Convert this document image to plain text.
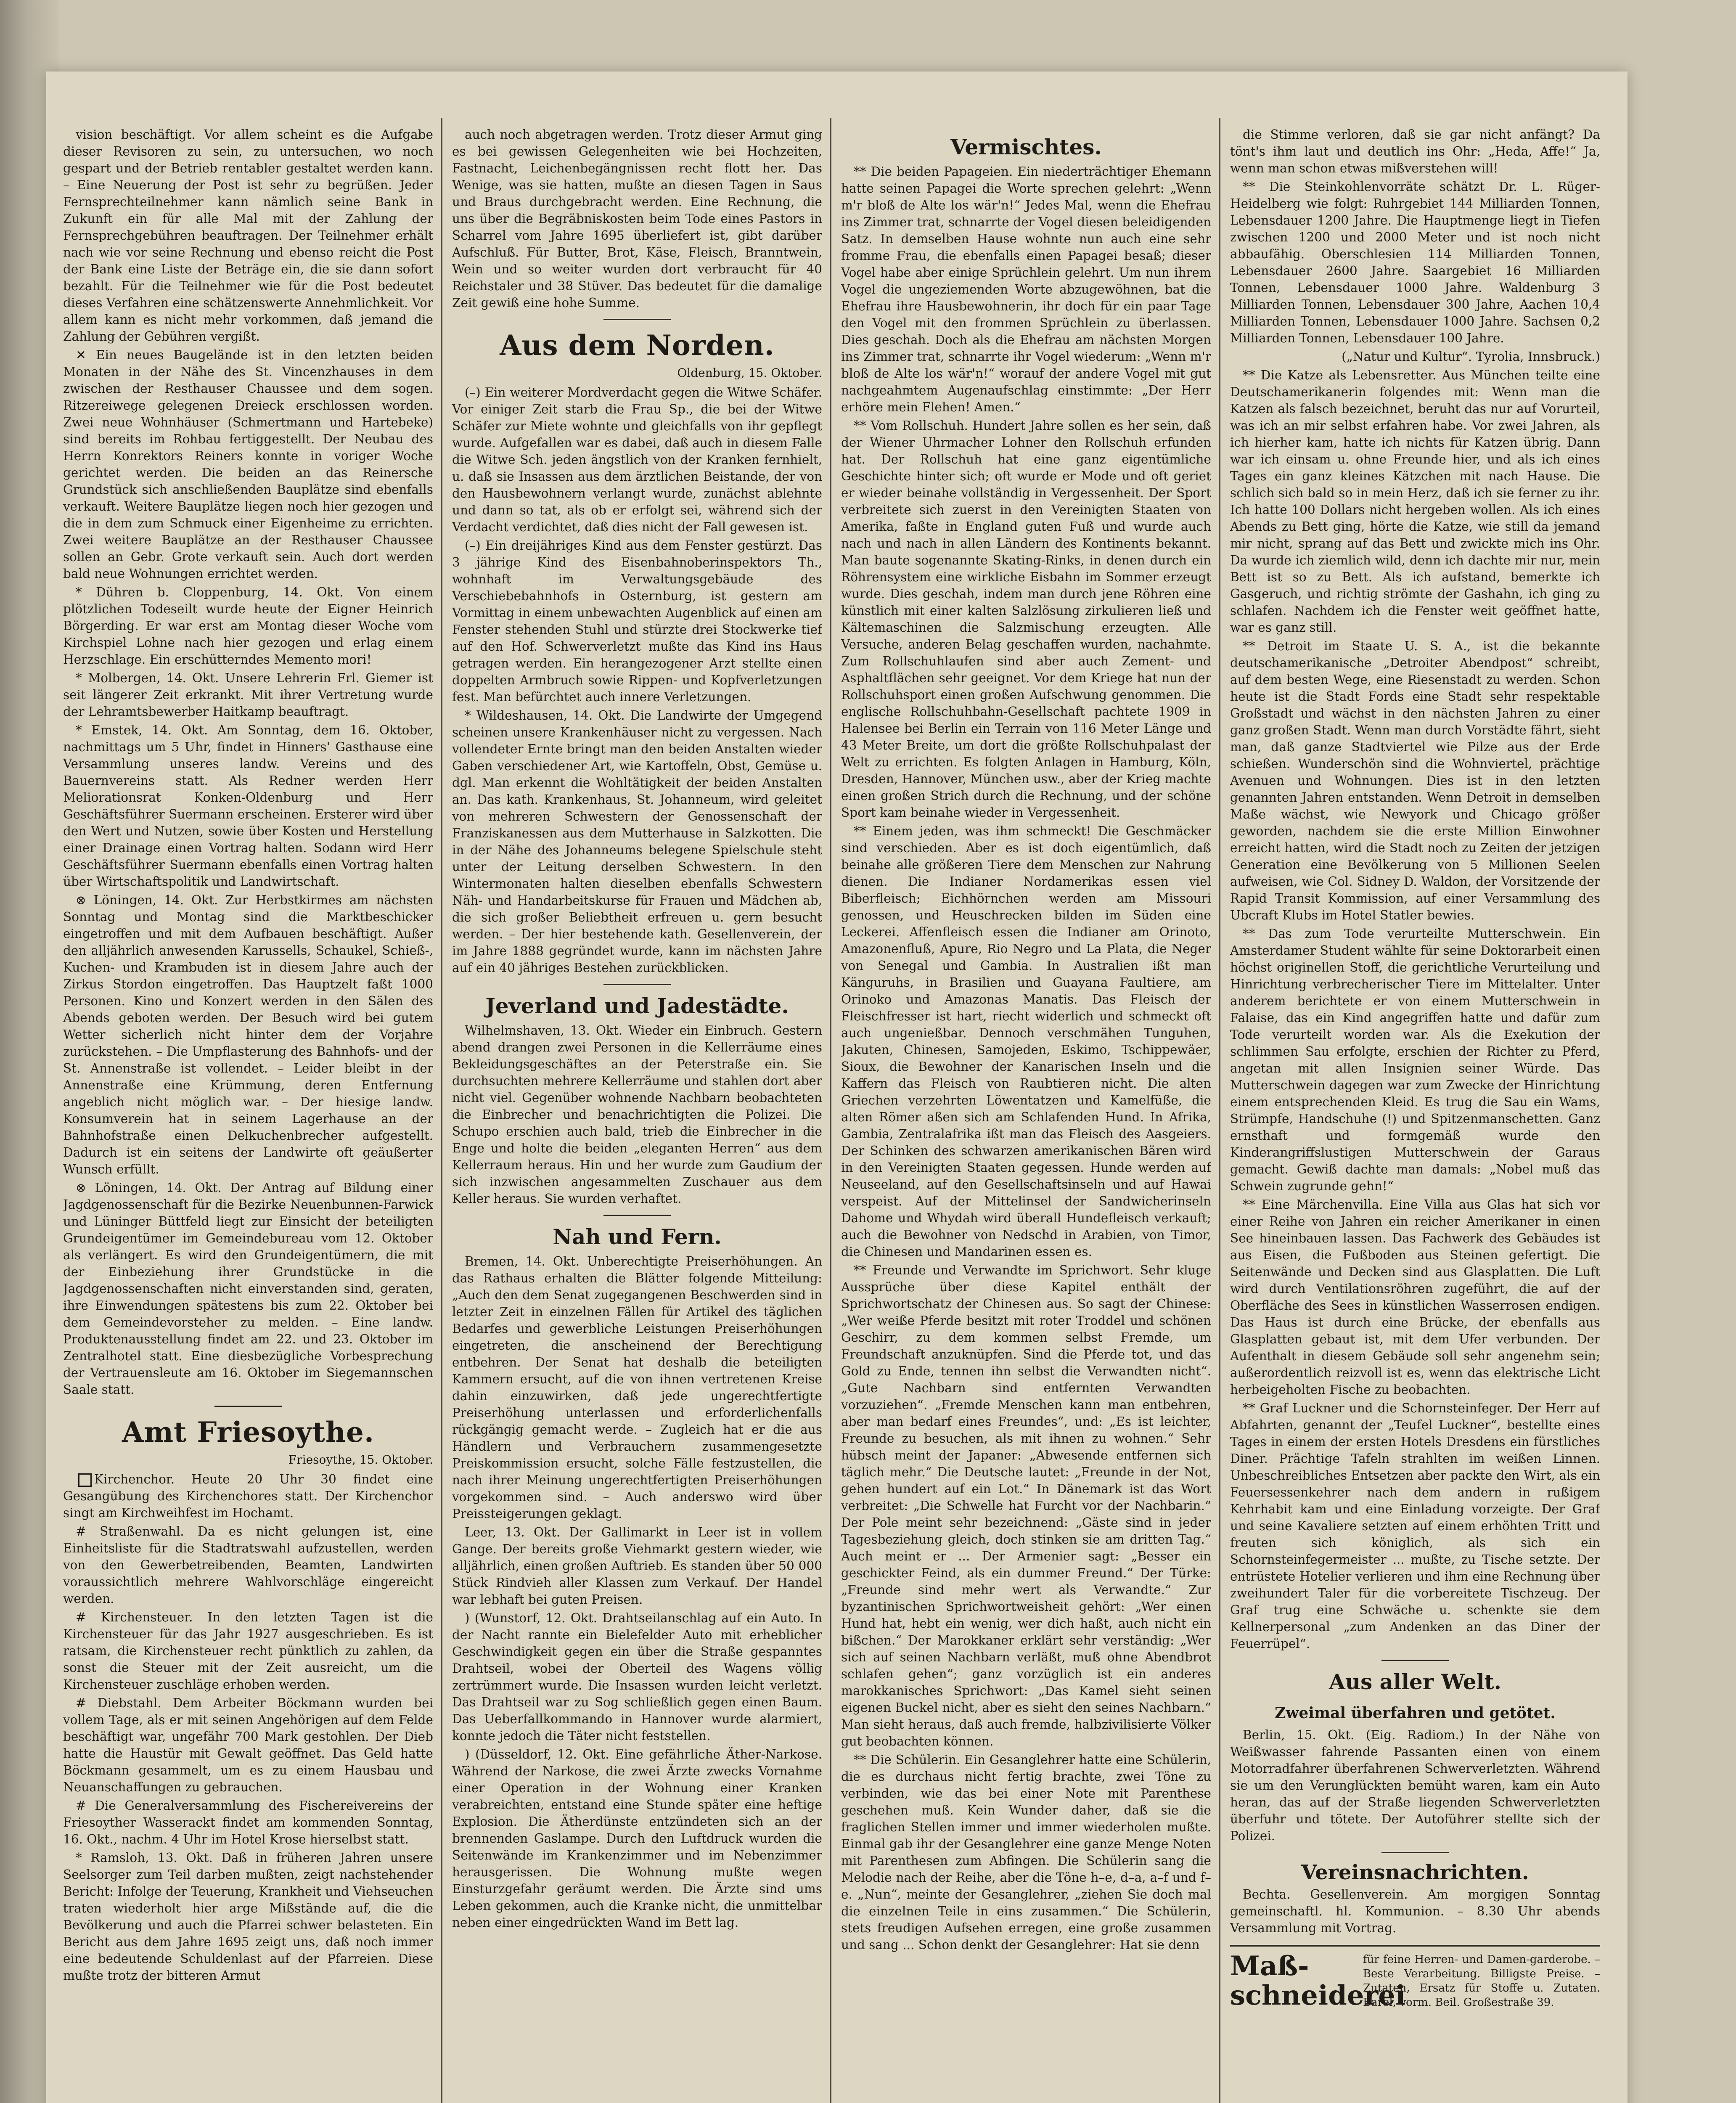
vision beschäftigt. Vor allem scheint es die Aufgabe dieser Revisoren zu sein, zu untersuchen, wo noch gespart und der Betrieb rentabler gestaltet werden kann. – Eine Neuerung der Post ist sehr zu begrüßen. Jeder Fernsprechteilnehmer kann nämlich seine Bank in Zukunft ein für alle Mal mit der Zahlung der Fernsprechgebühren beauftragen. Der Teilnehmer erhält nach wie vor seine Rechnung und ebenso reicht die Post der Bank eine Liste der Beträge ein, die sie dann sofort bezahlt. Für die Teilnehmer wie für die Post bedeutet dieses Verfahren eine schätzenswerte Annehmlichkeit. Vor allem kann es nicht mehr vorkommen, daß jemand die Zahlung der Gebühren vergißt.

✕ Ein neues Baugelände ist in den letzten beiden Monaten in der Nähe des St. Vincenzhauses in dem zwischen der Resthauser Chaussee und dem sogen. Ritzereiwege gelegenen Dreieck erschlossen worden. Zwei neue Wohnhäuser (Schmertmann und Hartebeke) sind bereits im Rohbau fertiggestellt. Der Neubau des Herrn Konrektors Reiners konnte in voriger Woche gerichtet werden. Die beiden an das Reinersche Grundstück sich anschließenden Bauplätze sind ebenfalls verkauft. Weitere Bauplätze liegen noch hier gezogen und die in dem zum Schmuck einer Eigenheime zu errichten. Zwei weitere Bauplätze an der Resthauser Chaussee sollen an Gebr. Grote verkauft sein. Auch dort werden bald neue Wohnungen errichtet werden.

* Dühren b. Cloppenburg, 14. Okt. Von einem plötzlichen Todeseilt wurde heute der Eigner Heinrich Börgerding. Er war erst am Montag dieser Woche vom Kirchspiel Lohne nach hier gezogen und erlag einem Herzschlage. Ein erschütterndes Memento mori!

* Molbergen, 14. Okt. Unsere Lehrerin Frl. Giemer ist seit längerer Zeit erkrankt. Mit ihrer Vertretung wurde der Lehramtsbewerber Haitkamp beauftragt.

* Emstek, 14. Okt. Am Sonntag, dem 16. Oktober, nachmittags um 5 Uhr, findet in Hinners' Gasthause eine Versammlung unseres landw. Vereins und des Bauernvereins statt. Als Redner werden Herr Meliorationsrat Konken-Oldenburg und Herr Geschäftsführer Suermann erscheinen. Ersterer wird über den Wert und Nutzen, sowie über Kosten und Herstellung einer Drainage einen Vortrag halten. Sodann wird Herr Geschäftsführer Suermann ebenfalls einen Vortrag halten über Wirtschaftspolitik und Landwirtschaft.

⊗ Löningen, 14. Okt. Zur Herbstkirmes am nächsten Sonntag und Montag sind die Marktbeschicker eingetroffen und mit dem Aufbauen beschäftigt. Außer den alljährlich anwesenden Karussells, Schaukel, Schieß-, Kuchen- und Krambuden ist in diesem Jahre auch der Zirkus Stordon eingetroffen. Das Hauptzelt faßt 1000 Personen. Kino und Konzert werden in den Sälen des Abends geboten werden. Der Besuch wird bei gutem Wetter sicherlich nicht hinter dem der Vorjahre zurückstehen. – Die Umpflasterung des Bahnhofs- und der St. Annenstraße ist vollendet. – Leider bleibt in der Annenstraße eine Krümmung, deren Entfernung angeblich nicht möglich war. – Der hiesige landw. Konsumverein hat in seinem Lagerhause an der Bahnhofstraße einen Delkuchenbrecher aufgestellt. Dadurch ist ein seitens der Landwirte oft geäußerter Wunsch erfüllt.

⊗ Löningen, 14. Okt. Der Antrag auf Bildung einer Jagdgenossenschaft für die Bezirke Neuenbunnen-Farwick und Lüninger Büttfeld liegt zur Einsicht der beteiligten Grundeigentümer im Gemeindebureau vom 12. Oktober als verlängert. Es wird den Grundeigentümern, die mit der Einbeziehung ihrer Grundstücke in die Jagdgenossenschaften nicht einverstanden sind, geraten, ihre Einwendungen spätestens bis zum 22. Oktober bei dem Gemeindevorsteher zu melden. – Eine landw. Produktenausstellung findet am 22. und 23. Oktober im Zentralhotel statt. Eine diesbezügliche Vorbesprechung der Vertrauensleute am 16. Oktober im Siegemannschen Saale statt.

Amt Friesoythe.
Friesoythe, 15. Oktober.

Kirchenchor. Heute 20 Uhr 30 findet eine Gesangübung des Kirchenchores statt. Der Kirchenchor singt am Kirchweihfest im Hochamt.

# Straßenwahl. Da es nicht gelungen ist, eine Einheitsliste für die Stadtratswahl aufzustellen, werden von den Gewerbetreibenden, Beamten, Landwirten voraussichtlich mehrere Wahlvorschläge eingereicht werden.

# Kirchensteuer. In den letzten Tagen ist die Kirchensteuer für das Jahr 1927 ausgeschrieben. Es ist ratsam, die Kirchensteuer recht pünktlich zu zahlen, da sonst die Steuer mit der Zeit ausreicht, um die Kirchensteuer zuschläge erhoben werden.

# Diebstahl. Dem Arbeiter Böckmann wurden bei vollem Tage, als er mit seinen Angehörigen auf dem Felde beschäftigt war, ungefähr 700 Mark gestohlen. Der Dieb hatte die Haustür mit Gewalt geöffnet. Das Geld hatte Böckmann gesammelt, um es zu einem Hausbau und Neuanschaffungen zu gebrauchen.

# Die Generalversammlung des Fischereivereins der Friesoyther Wasserackt findet am kommenden Sonntag, 16. Okt., nachm. 4 Uhr im Hotel Krose hierselbst statt.

* Ramsloh, 13. Okt. Daß in früheren Jahren unsere Seelsorger zum Teil darben mußten, zeigt nachstehender Bericht: Infolge der Teuerung, Krankheit und Viehseuchen traten wiederholt hier arge Mißstände auf, die die Bevölkerung und auch die Pfarrei schwer belasteten. Ein Bericht aus dem Jahre 1695 zeigt uns, daß noch immer eine bedeutende Schuldenlast auf der Pfarreien. Diese mußte trotz der bitteren Armut

auch noch abgetragen werden. Trotz dieser Armut ging es bei gewissen Gelegenheiten wie bei Hochzeiten, Fastnacht, Leichenbegängnissen recht flott her. Das Wenige, was sie hatten, mußte an diesen Tagen in Saus und Braus durchgebracht werden. Eine Rechnung, die uns über die Begräbniskosten beim Tode eines Pastors in Scharrel vom Jahre 1695 überliefert ist, gibt darüber Aufschluß. Für Butter, Brot, Käse, Fleisch, Branntwein, Wein und so weiter wurden dort verbraucht für 40 Reichstaler und 38 Stüver. Das bedeutet für die damalige Zeit gewiß eine hohe Summe.

Aus dem Norden.
Oldenburg, 15. Oktober.

(–) Ein weiterer Mordverdacht gegen die Witwe Schäfer. Vor einiger Zeit starb die Frau Sp., die bei der Witwe Schäfer zur Miete wohnte und gleichfalls von ihr gepflegt wurde. Aufgefallen war es dabei, daß auch in diesem Falle die Witwe Sch. jeden ängstlich von der Kranken fernhielt, u. daß sie Insassen aus dem ärztlichen Beistande, der von den Hausbewohnern verlangt wurde, zunächst ablehnte und dann so tat, als ob er erfolgt sei, während sich der Verdacht verdichtet, daß dies nicht der Fall gewesen ist.

(–) Ein dreijähriges Kind aus dem Fenster gestürzt. Das 3 jährige Kind des Eisenbahnoberinspektors Th., wohnhaft im Verwaltungsgebäude des Verschiebebahnhofs in Osternburg, ist gestern am Vormittag in einem unbewachten Augenblick auf einen am Fenster stehenden Stuhl und stürzte drei Stockwerke tief auf den Hof. Schwerverletzt mußte das Kind ins Haus getragen werden. Ein herangezogener Arzt stellte einen doppelten Armbruch sowie Rippen- und Kopfverletzungen fest. Man befürchtet auch innere Verletzungen.

* Wildeshausen, 14. Okt. Die Landwirte der Umgegend scheinen unsere Krankenhäuser nicht zu vergessen. Nach vollendeter Ernte bringt man den beiden Anstalten wieder Gaben verschiedener Art, wie Kartoffeln, Obst, Gemüse u. dgl. Man erkennt die Wohltätigkeit der beiden Anstalten an. Das kath. Krankenhaus, St. Johanneum, wird geleitet von mehreren Schwestern der Genossenschaft der Franziskanessen aus dem Mutterhause in Salzkotten. Die in der Nähe des Johanneums belegene Spielschule steht unter der Leitung derselben Schwestern. In den Wintermonaten halten dieselben ebenfalls Schwestern Näh- und Handarbeitskurse für Frauen und Mädchen ab, die sich großer Beliebtheit erfreuen u. gern besucht werden. – Der hier bestehende kath. Gesellenverein, der im Jahre 1888 gegründet wurde, kann im nächsten Jahre auf ein 40 jähriges Bestehen zurückblicken.

Jeverland und Jadestädte.

Wilhelmshaven, 13. Okt. Wieder ein Einbruch. Gestern abend drangen zwei Personen in die Kellerräume eines Bekleidungsgeschäftes an der Peterstraße ein. Sie durchsuchten mehrere Kellerräume und stahlen dort aber nicht viel. Gegenüber wohnende Nachbarn beobachteten die Einbrecher und benachrichtigten die Polizei. Die Schupo erschien auch bald, trieb die Einbrecher in die Enge und holte die beiden „eleganten Herren“ aus dem Kellerraum heraus. Hin und her wurde zum Gaudium der sich inzwischen angesammelten Zuschauer aus dem Keller heraus. Sie wurden verhaftet.

Nah und Fern.

Bremen, 14. Okt. Unberechtigte Preiserhöhungen. An das Rathaus erhalten die Blätter folgende Mitteilung: „Auch den dem Senat zugegangenen Beschwerden sind in letzter Zeit in einzelnen Fällen für Artikel des täglichen Bedarfes und gewerbliche Leistungen Preiserhöhungen eingetreten, die anscheinend der Berechtigung entbehren. Der Senat hat deshalb die beteiligten Kammern ersucht, auf die von ihnen vertretenen Kreise dahin einzuwirken, daß jede ungerechtfertigte Preiserhöhung unterlassen und erforderlichenfalls rückgängig gemacht werde. – Zugleich hat er die aus Händlern und Verbrauchern zusammengesetzte Preiskommission ersucht, solche Fälle festzustellen, die nach ihrer Meinung ungerechtfertigten Preiserhöhungen vorgekommen sind. – Auch anderswo wird über Preissteigerungen geklagt.

Leer, 13. Okt. Der Gallimarkt in Leer ist in vollem Gange. Der bereits große Viehmarkt gestern wieder, wie alljährlich, einen großen Auftrieb. Es standen über 50 000 Stück Rindvieh aller Klassen zum Verkauf. Der Handel war lebhaft bei guten Preisen.

) (Wunstorf, 12. Okt. Drahtseilanschlag auf ein Auto. In der Nacht rannte ein Bielefelder Auto mit erheblicher Geschwindigkeit gegen ein über die Straße gespanntes Drahtseil, wobei der Oberteil des Wagens völlig zertrümmert wurde. Die Insassen wurden leicht verletzt. Das Drahtseil war zu Sog schließlich gegen einen Baum. Das Ueberfallkommando in Hannover wurde alarmiert, konnte jedoch die Täter nicht feststellen.

) (Düsseldorf, 12. Okt. Eine gefährliche Äther-Narkose. Während der Narkose, die zwei Ärzte zwecks Vornahme einer Operation in der Wohnung einer Kranken verabreichten, entstand eine Stunde später eine heftige Explosion. Die Ätherdünste entzündeten sich an der brennenden Gaslampe. Durch den Luftdruck wurden die Seitenwände im Krankenzimmer und im Nebenzimmer herausgerissen. Die Wohnung mußte wegen Einsturzgefahr geräumt werden. Die Ärzte sind ums Leben gekommen, auch die Kranke nicht, die unmittelbar neben einer eingedrückten Wand im Bett lag.

Vermischtes.

** Die beiden Papageien. Ein niederträchtiger Ehemann hatte seinen Papagei die Worte sprechen gelehrt: „Wenn m'r bloß de Alte los wär'n!“ Jedes Mal, wenn die Ehefrau ins Zimmer trat, schnarrte der Vogel diesen beleidigenden Satz. In demselben Hause wohnte nun auch eine sehr fromme Frau, die ebenfalls einen Papagei besaß; dieser Vogel habe aber einige Sprüchlein gelehrt. Um nun ihrem Vogel die ungeziemenden Worte abzugewöhnen, bat die Ehefrau ihre Hausbewohnerin, ihr doch für ein paar Tage den Vogel mit den frommen Sprüchlein zu überlassen. Dies geschah. Doch als die Ehefrau am nächsten Morgen ins Zimmer trat, schnarrte ihr Vogel wiederum: „Wenn m'r bloß de Alte los wär'n!“ worauf der andere Vogel mit gut nachgeahmtem Augenaufschlag einstimmte: „Der Herr erhöre mein Flehen! Amen.“

** Vom Rollschuh. Hundert Jahre sollen es her sein, daß der Wiener Uhrmacher Lohner den Rollschuh erfunden hat. Der Rollschuh hat eine ganz eigentümliche Geschichte hinter sich; oft wurde er Mode und oft geriet er wieder beinahe vollständig in Vergessenheit. Der Sport verbreitete sich zuerst in den Vereinigten Staaten von Amerika, faßte in England guten Fuß und wurde auch nach und nach in allen Ländern des Kontinents bekannt. Man baute sogenannte Skating-Rinks, in denen durch ein Röhrensystem eine wirkliche Eisbahn im Sommer erzeugt wurde. Dies geschah, indem man durch jene Röhren eine künstlich mit einer kalten Salzlösung zirkulieren ließ und Kältemaschinen die Salzmischung erzeugten. Alle Versuche, anderen Belag geschaffen wurden, nachahmte. Zum Rollschuhlaufen sind aber auch Zement- und Asphaltflächen sehr geeignet. Vor dem Kriege hat nun der Rollschuhsport einen großen Aufschwung genommen. Die englische Rollschuhbahn-Gesellschaft pachtete 1909 in Halensee bei Berlin ein Terrain von 116 Meter Länge und 43 Meter Breite, um dort die größte Rollschuhpalast der Welt zu errichten. Es folgten Anlagen in Hamburg, Köln, Dresden, Hannover, München usw., aber der Krieg machte einen großen Strich durch die Rechnung, und der schöne Sport kam beinahe wieder in Vergessenheit.

** Einem jeden, was ihm schmeckt! Die Geschmäcker sind verschieden. Aber es ist doch eigentümlich, daß beinahe alle größeren Tiere dem Menschen zur Nahrung dienen. Die Indianer Nordamerikas essen viel Biberfleisch; Eichhörnchen werden am Missouri genossen, und Heuschrecken bilden im Süden eine Leckerei. Affenfleisch essen die Indianer am Orinoto, Amazonenfluß, Apure, Rio Negro und La Plata, die Neger von Senegal und Gambia. In Australien ißt man Känguruhs, in Brasilien und Guayana Faultiere, am Orinoko und Amazonas Manatis. Das Fleisch der Fleischfresser ist hart, riecht widerlich und schmeckt oft auch ungenießbar. Dennoch verschmähen Tunguhen, Jakuten, Chinesen, Samojeden, Eskimo, Tschippewäer, Sioux, die Bewohner der Kanarischen Inseln und die Kaffern das Fleisch von Raubtieren nicht. Die alten Griechen verzehrten Löwentatzen und Kamelfüße, die alten Römer aßen sich am Schlafenden Hund. In Afrika, Gambia, Zentralafrika ißt man das Fleisch des Aasgeiers. Der Schinken des schwarzen amerikanischen Bären wird in den Vereinigten Staaten gegessen. Hunde werden auf Neuseeland, auf den Gesellschaftsinseln und auf Hawai verspeist. Auf der Mittelinsel der Sandwicherinseln Dahome und Whydah wird überall Hundefleisch verkauft; auch die Bewohner von Nedschd in Arabien, von Timor, die Chinesen und Mandarinen essen es.

** Freunde und Verwandte im Sprichwort. Sehr kluge Aussprüche über diese Kapitel enthält der Sprichwortschatz der Chinesen aus. So sagt der Chinese: „Wer weiße Pferde besitzt mit roter Troddel und schönen Geschirr, zu dem kommen selbst Fremde, um Freundschaft anzuknüpfen. Sind die Pferde tot, und das Gold zu Ende, tennen ihn selbst die Verwandten nicht“. „Gute Nachbarn sind entfernten Verwandten vorzuziehen“. „Fremde Menschen kann man entbehren, aber man bedarf eines Freundes“, und: „Es ist leichter, Freunde zu besuchen, als mit ihnen zu wohnen.“ Sehr hübsch meint der Japaner: „Abwesende entfernen sich täglich mehr.“ Die Deutsche lautet: „Freunde in der Not, gehen hundert auf ein Lot.“ In Dänemark ist das Wort verbreitet: „Die Schwelle hat Furcht vor der Nachbarin.“ Der Pole meint sehr bezeichnend: „Gäste sind in jeder Tagesbeziehung gleich, doch stinken sie am dritten Tag.“ Auch meint er ... Der Armenier sagt: „Besser ein geschickter Feind, als ein dummer Freund.“ Der Türke: „Freunde sind mehr wert als Verwandte.“ Zur byzantinischen Sprichwortweisheit gehört: „Wer einen Hund hat, hebt ein wenig, wer dich haßt, auch nicht ein bißchen.“ Der Marokkaner erklärt sehr verständig: „Wer sich auf seinen Nachbarn verläßt, muß ohne Abendbrot schlafen gehen“; ganz vorzüglich ist ein anderes marokkanisches Sprichwort: „Das Kamel sieht seinen eigenen Buckel nicht, aber es sieht den seines Nachbarn.“ Man sieht heraus, daß auch fremde, halbzivilisierte Völker gut beobachten können.

** Die Schülerin. Ein Gesanglehrer hatte eine Schülerin, die es durchaus nicht fertig brachte, zwei Töne zu verbinden, wie das bei einer Note mit Parenthese geschehen muß. Kein Wunder daher, daß sie die fraglichen Stellen immer und immer wiederholen mußte. Einmal gab ihr der Gesanglehrer eine ganze Menge Noten mit Parenthesen zum Abfingen. Die Schülerin sang die Melodie nach der Reihe, aber die Töne h–e, d–a, a–f und f–e. „Nun“, meinte der Gesanglehrer, „ziehen Sie doch mal die einzelnen Teile in eins zusammen.“ Die Schülerin, stets freudigen Aufsehen erregen, eine große zusammen und sang ... Schon denkt der Gesanglehrer: Hat sie denn

die Stimme verloren, daß sie gar nicht anfängt? Da tönt's ihm laut und deutlich ins Ohr: „Heda, Affe!“ Ja, wenn man schon etwas mißverstehen will!

** Die Steinkohlenvorräte schätzt Dr. L. Rüger-Heidelberg wie folgt: Ruhrgebiet 144 Milliarden Tonnen, Lebensdauer 1200 Jahre. Die Hauptmenge liegt in Tiefen zwischen 1200 und 2000 Meter und ist noch nicht abbaufähig. Oberschlesien 114 Milliarden Tonnen, Lebensdauer 2600 Jahre. Saargebiet 16 Milliarden Tonnen, Lebensdauer 1000 Jahre. Waldenburg 3 Milliarden Tonnen, Lebensdauer 300 Jahre, Aachen 10,4 Milliarden Tonnen, Lebensdauer 1000 Jahre. Sachsen 0,2 Milliarden Tonnen, Lebensdauer 100 Jahre.

(„Natur und Kultur“. Tyrolia, Innsbruck.)

** Die Katze als Lebensretter. Aus München teilte eine Deutschamerikanerin folgendes mit: Wenn man die Katzen als falsch bezeichnet, beruht das nur auf Vorurteil, was ich an mir selbst erfahren habe. Vor zwei Jahren, als ich hierher kam, hatte ich nichts für Katzen übrig. Dann war ich einsam u. ohne Freunde hier, und als ich eines Tages ein ganz kleines Kätzchen mit nach Hause. Die schlich sich bald so in mein Herz, daß ich sie ferner zu ihr. Ich hatte 100 Dollars nicht hergeben wollen. Als ich eines Abends zu Bett ging, hörte die Katze, wie still da jemand mir nicht, sprang auf das Bett und zwickte mich ins Ohr. Da wurde ich ziemlich wild, denn ich dachte mir nur, mein Bett ist so zu Bett. Als ich aufstand, bemerkte ich Gasgeruch, und richtig strömte der Gashahn, ich ging zu schlafen. Nachdem ich die Fenster weit geöffnet hatte, war es ganz still.

** Detroit im Staate U. S. A., ist die bekannte deutschamerikanische „Detroiter Abendpost“ schreibt, auf dem besten Wege, eine Riesenstadt zu werden. Schon heute ist die Stadt Fords eine Stadt sehr respektable Großstadt und wächst in den nächsten Jahren zu einer ganz großen Stadt. Wenn man durch Vorstädte fährt, sieht man, daß ganze Stadtviertel wie Pilze aus der Erde schießen. Wunderschön sind die Wohnviertel, prächtige Avenuen und Wohnungen. Dies ist in den letzten genannten Jahren entstanden. Wenn Detroit in demselben Maße wächst, wie Newyork und Chicago größer geworden, nachdem sie die erste Million Einwohner erreicht hatten, wird die Stadt noch zu Zeiten der jetzigen Generation eine Bevölkerung von 5 Millionen Seelen aufweisen, wie Col. Sidney D. Waldon, der Vorsitzende der Rapid Transit Kommission, auf einer Versammlung des Ubcraft Klubs im Hotel Statler bewies.

** Das zum Tode verurteilte Mutterschwein. Ein Amsterdamer Student wählte für seine Doktorarbeit einen höchst originellen Stoff, die gerichtliche Verurteilung und Hinrichtung verbrecherischer Tiere im Mittelalter. Unter anderem berichtete er von einem Mutterschwein in Falaise, das ein Kind angegriffen hatte und dafür zum Tode verurteilt worden war. Als die Exekution der schlimmen Sau erfolgte, erschien der Richter zu Pferd, angetan mit allen Insignien seiner Würde. Das Mutterschwein dagegen war zum Zwecke der Hinrichtung einem entsprechenden Kleid. Es trug die Sau ein Wams, Strümpfe, Handschuhe (!) und Spitzenmanschetten. Ganz ernsthaft und formgemäß wurde den Kinderangriffslustigen Mutterschwein der Garaus gemacht. Gewiß dachte man damals: „Nobel muß das Schwein zugrunde gehn!“

** Eine Märchenvilla. Eine Villa aus Glas hat sich vor einer Reihe von Jahren ein reicher Amerikaner in einen See hineinbauen lassen. Das Fachwerk des Gebäudes ist aus Eisen, die Fußboden aus Steinen gefertigt. Die Seitenwände und Decken sind aus Glasplatten. Die Luft wird durch Ventilationsröhren zugeführt, die auf der Oberfläche des Sees in künstlichen Wasserrosen endigen. Das Haus ist durch eine Brücke, der ebenfalls aus Glasplatten gebaut ist, mit dem Ufer verbunden. Der Aufenthalt in diesem Gebäude soll sehr angenehm sein; außerordentlich reizvoll ist es, wenn das elektrische Licht herbeigeholten Fische zu beobachten.

** Graf Luckner und die Schornsteinfeger. Der Herr auf Abfahrten, genannt der „Teufel Luckner“, bestellte eines Tages in einem der ersten Hotels Dresdens ein fürstliches Diner. Prächtige Tafeln strahlten im weißen Linnen. Unbeschreibliches Entsetzen aber packte den Wirt, als ein Feuersessenkehrer nach dem andern in rußigem Kehrhabit kam und eine Einladung vorzeigte. Der Graf und seine Kavaliere setzten auf einem erhöhten Tritt und freuten sich königlich, als sich ein Schornsteinfegermeister ... mußte, zu Tische setzte. Der entrüstete Hotelier verlieren und ihm eine Rechnung über zweihundert Taler für die vorbereitete Tischzeug. Der Graf trug eine Schwäche u. schenkte sie dem Kellnerpersonal „zum Andenken an das Diner der Feuerrüpel“.

Aus aller Welt.
Zweimal überfahren und getötet.

Berlin, 15. Okt. (Eig. Radiom.) In der Nähe von Weißwasser fahrende Passanten einen von einem Motorradfahrer überfahrenen Schwerverletzten. Während sie um den Verunglückten bemüht waren, kam ein Auto heran, das auf der Straße liegenden Schwerverletzten überfuhr und tötete. Der Autoführer stellte sich der Polizei.

Vereinsnachrichten.

Bechta. Gesellenverein. Am morgigen Sonntag gemeinschaftl. hl. Kommunion. – 8.30 Uhr abends Versammlung mit Vortrag.

Maß- schneiderei
für feine Herren- und Damen-garderobe. – Beste Verarbeitung. Billigste Preise. – Zutaten, Ersatz für Stoffe u. Zutaten. Barel, vorm. Beil. Großestraße 39.
